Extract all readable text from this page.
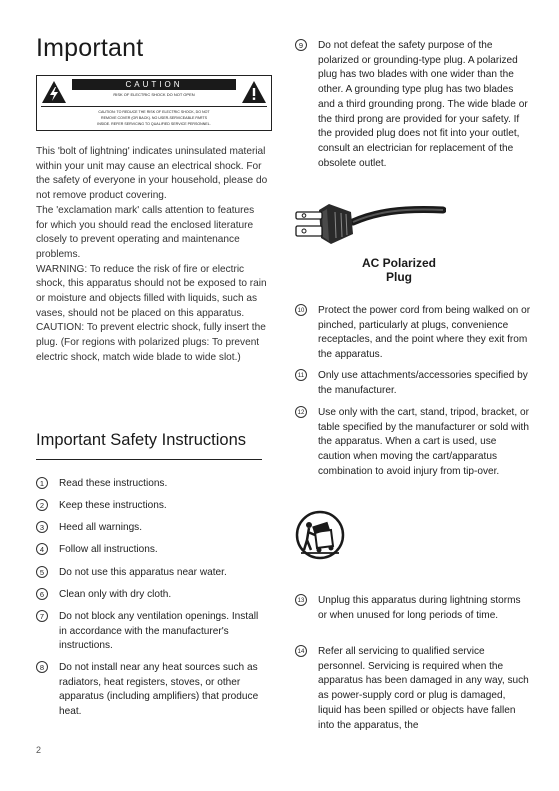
Important
CAUTION
RISK OF ELECTRIC SHOCK DO NOT OPEN
CAUTION: TO REDUCE THE RISK OF ELECTRIC SHOCK, DO NOT
REMOVE COVER (OR BACK). NO USER-SERVICEABLE PARTS
INSIDE. REFER SERVICING TO QUALIFIED SERVICE PERSONNEL.

This 'bolt of lightning' indicates uninsulated material within your unit may cause an electrical shock. For the safety of everyone in your household, please do not remove product covering.

The 'exclamation mark' calls attention to features for which you should read the enclosed literature closely to prevent operating and maintenance problems.

WARNING: To reduce the risk of fire or electric shock, this apparatus should not be exposed to rain or moisture and objects filled with liquids, such as vases, should not be placed on this apparatus.

CAUTION: To prevent electric shock, fully insert the plug. (For regions with polarized plugs: To prevent electric shock, match wide blade to wide slot.)

Important Safety Instructions
1	Read these instructions.
2	Keep these instructions.
3	Heed all warnings.
4	Follow all instructions.
5	Do not use this apparatus near water.
6	Clean only with dry cloth.
7	Do not block any ventilation openings. Install in accordance with the manufacturer's instructions.
8	Do not install near any heat sources such as radiators, heat registers, stoves, or other apparatus (including amplifiers) that produce heat.
9	Do not defeat the safety purpose of the polarized or grounding-type plug. A polarized plug has two blades with one wider than the other. A grounding type plug has two blades and a third grounding prong. The wide blade or the third prong are provided for your safety. If the provided plug does not fit into your outlet, consult an electrician for replacement of the obsolete outlet.
AC Polarized
Plug
10 Protect the power cord from being walked on or pinched, particularly at plugs, convenience receptacles, and the point where they exit from the apparatus.
11 Only use attachments/accessories specified by the manufacturer.
12 Use only with the cart, stand, tripod, bracket, or table specified by the manufacturer or sold with the apparatus. When a cart is used, use caution when moving the cart/apparatus combination to avoid injury from tip-over.
13 Unplug this apparatus during lightning storms or when unused for long periods of time.
14 Refer all servicing to qualified service personnel. Servicing is required when the apparatus has been damaged in any way, such as power-supply cord or plug is damaged, liquid has been spilled or objects have fallen into the apparatus, the
2
